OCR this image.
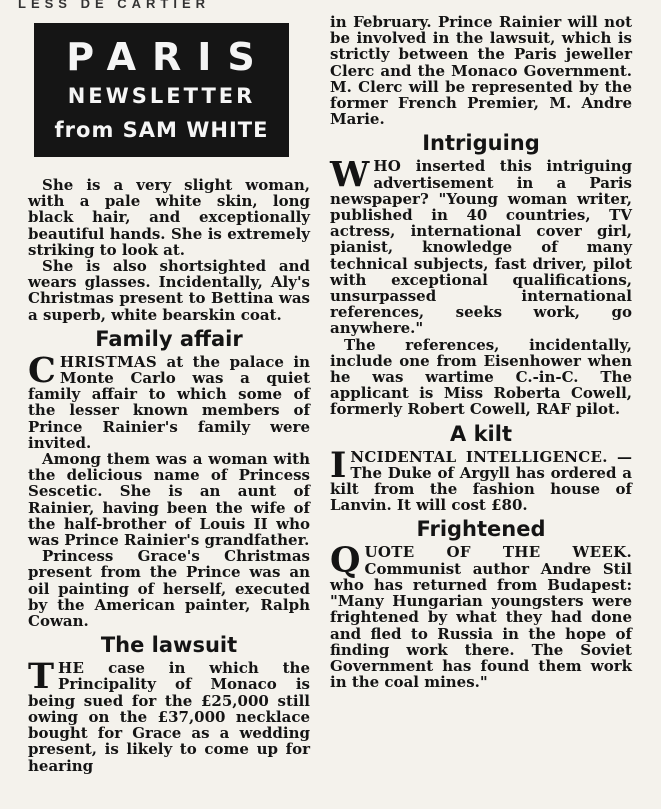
LESS DE CARTIER
PARIS
NEWSLETTER
from SAM WHITE

She is a very slight woman, with a pale white skin, long black hair, and exceptionally beautiful hands. She is extremely striking to look at.

She is also shortsighted and wears glasses. Incidentally, Aly's Christmas present to Bettina was a superb, white bearskin coat.

Family affair

CHRISTMAS at the palace in Monte Carlo was a quiet family affair to which some of the lesser known members of Prince Rainier's family were invited.

Among them was a woman with the delicious name of Princess Sescetic. She is an aunt of Rainier, having been the wife of the half-brother of Louis II who was Prince Rainier's grandfather.

Princess Grace's Christmas present from the Prince was an oil painting of herself, executed by the American painter, Ralph Cowan.

The lawsuit

THE case in which the Principality of Monaco is being sued for the £25,000 still owing on the £37,000 necklace bought for Grace as a wedding present, is likely to come up for hearing

in February. Prince Rainier will not be involved in the lawsuit, which is strictly between the Paris jeweller Clerc and the Monaco Government. M. Clerc will be represented by the former French Premier, M. Andre Marie.

Intriguing

WHO inserted this intriguing advertisement in a Paris newspaper? "Young woman writer, published in 40 countries, TV actress, international cover girl, pianist, knowledge of many technical subjects, fast driver, pilot with exceptional qualifications, unsurpassed international references, seeks work, go anywhere."

The references, incidentally, include one from Eisenhower when he was wartime C.-in-C. The applicant is Miss Roberta Cowell, formerly Robert Cowell, RAF pilot.

A kilt

INCIDENTAL INTELLIGENCE. —The Duke of Argyll has ordered a kilt from the fashion house of Lanvin. It will cost £80.

Frightened

QUOTE OF THE WEEK. Communist author Andre Stil who has returned from Budapest: "Many Hungarian youngsters were frightened by what they had done and fled to Russia in the hope of finding work there. The Soviet Government has found them work in the coal mines."
